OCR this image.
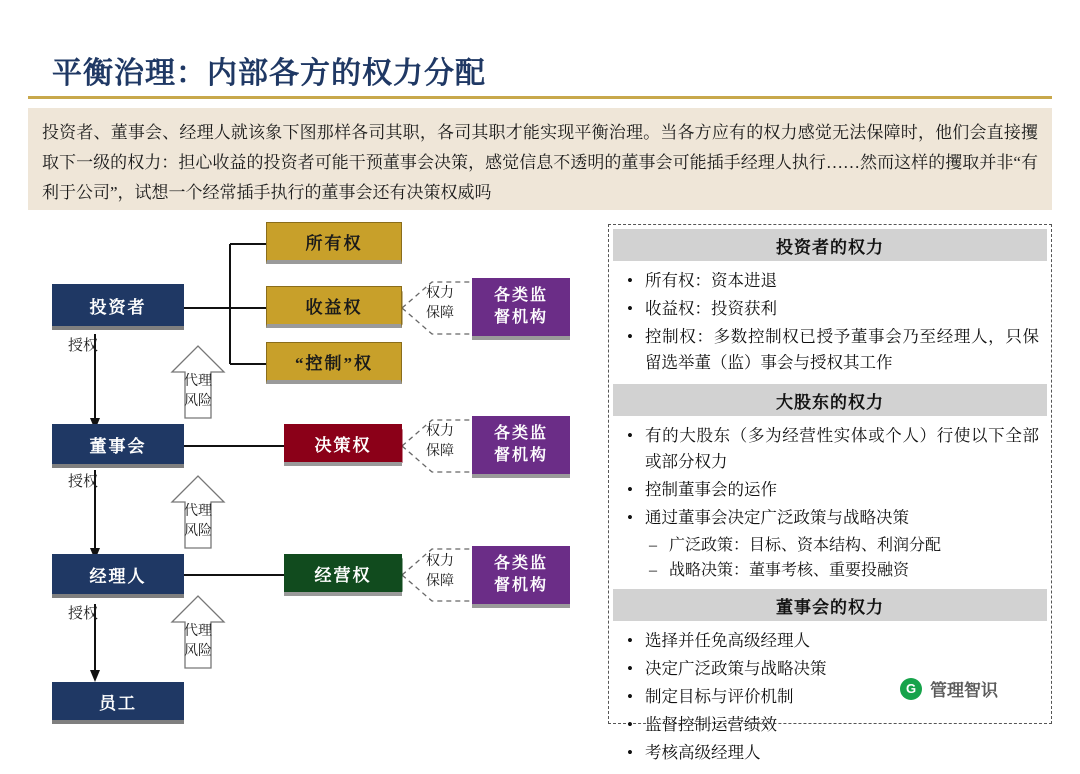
平衡治理：内部各方的权力分配
投资者、董事会、经理人就该象下图那样各司其职，各司其职才能实现平衡治理。当各方应有的权力感觉无法保障时，他们会直接攫取下一级的权力：担心收益的投资者可能干预董事会决策，感觉信息不透明的董事会可能插手经理人执行……然而这样的攫取并非“有利于公司”，试想一个经常插手执行的董事会还有决策权威吗
投资者
董事会
经理人
员工
授权
授权
授权
代理
风险
代理
风险
代理
风险
所有权
收益权
“控制”权
决策权
经营权
权力
保障
权力
保障
权力
保障
各类监
督机构
各类监
督机构
各类监
督机构
投资者的权力
• 所有权：资本进退
• 收益权：投资获利
• 控制权：多数控制权已授予董事会乃至经理人，只保留选举董（监）事会与授权其工作
大股东的权力
• 有的大股东（多为经营性实体或个人）行使以下全部或部分权力
• 控制董事会的运作
• 通过董事会决定广泛政策与战略决策
– 广泛政策：目标、资本结构、利润分配
– 战略决策：董事考核、重要投融资
董事会的权力
• 选择并任免高级经理人
• 决定广泛政策与战略决策
• 制定目标与评价机制
• 监督控制运营绩效
• 考核高级经理人
G 管理智识
